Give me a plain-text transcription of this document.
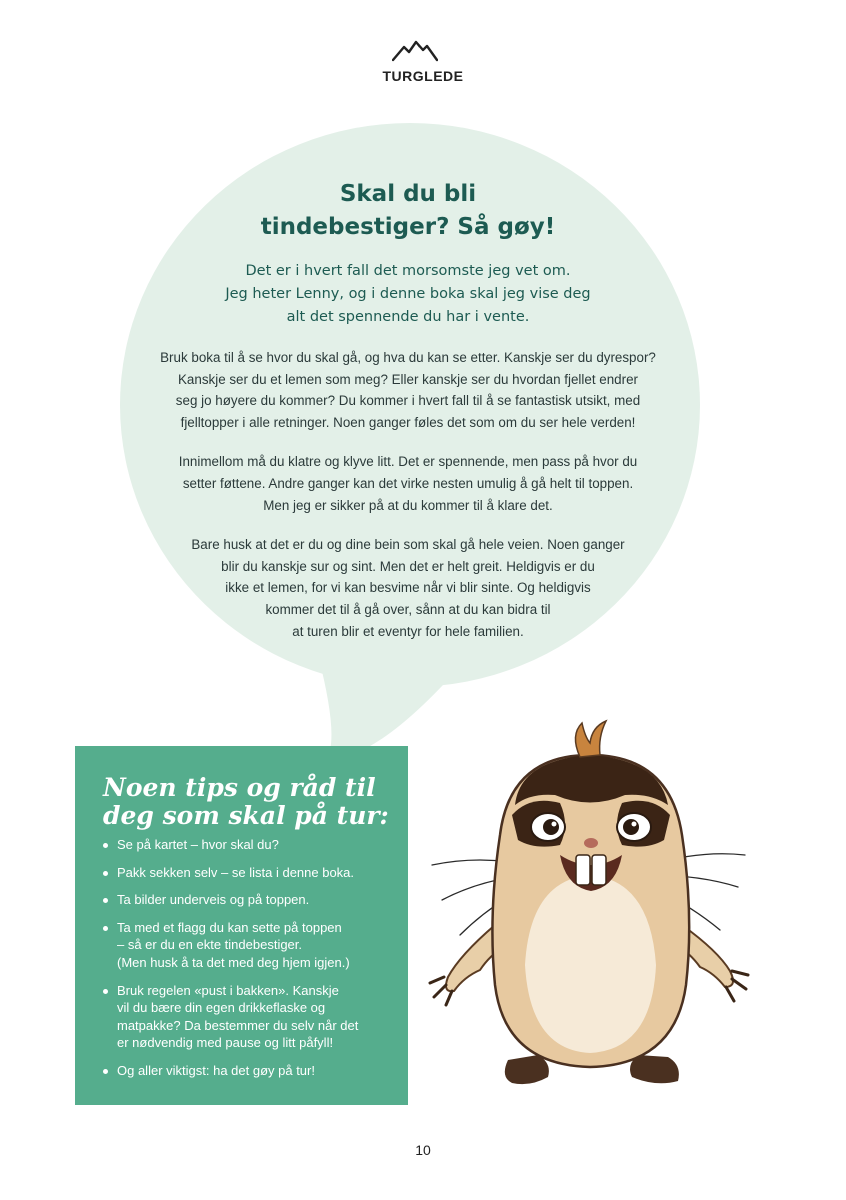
TURGLEDE
Skal du bli
tindebestiger? Så gøy!
Det er i hvert fall det morsomste jeg vet om.
Jeg heter Lenny, og i denne boka skal jeg vise deg
alt det spennende du har i vente.
Bruk boka til å se hvor du skal gå, og hva du kan se etter. Kanskje ser du dyrespor?
Kanskje ser du et lemen som meg? Eller kanskje ser du hvordan fjellet endrer
seg jo høyere du kommer? Du kommer i hvert fall til å se fantastisk utsikt, med
fjelltopper i alle retninger. Noen ganger føles det som om du ser hele verden!
Innimellom må du klatre og klyve litt. Det er spennende, men pass på hvor du
setter føttene. Andre ganger kan det virke nesten umulig å gå helt til toppen.
Men jeg er sikker på at du kommer til å klare det.
Bare husk at det er du og dine bein som skal gå hele veien. Noen ganger
blir du kanskje sur og sint. Men det er helt greit. Heldigvis er du
ikke et lemen, for vi kan besvime når vi blir sinte. Og heldigvis
kommer det til å gå over, sånn at du kan bidra til
at turen blir et eventyr for hele familien.
Noen tips og råd til
deg som skal på tur:
Se på kartet – hvor skal du?
Pakk sekken selv – se lista i denne boka.
Ta bilder underveis og på toppen.
Ta med et flagg du kan sette på toppen
– så er du en ekte tindebestiger.
(Men husk å ta det med deg hjem igjen.)
Bruk regelen «pust i bakken». Kanskje
vil du bære din egen drikkeflaske og
matpakke? Da bestemmer du selv når det
er nødvendig med pause og litt påfyll!
Og aller viktigst: ha det gøy på tur!
10
